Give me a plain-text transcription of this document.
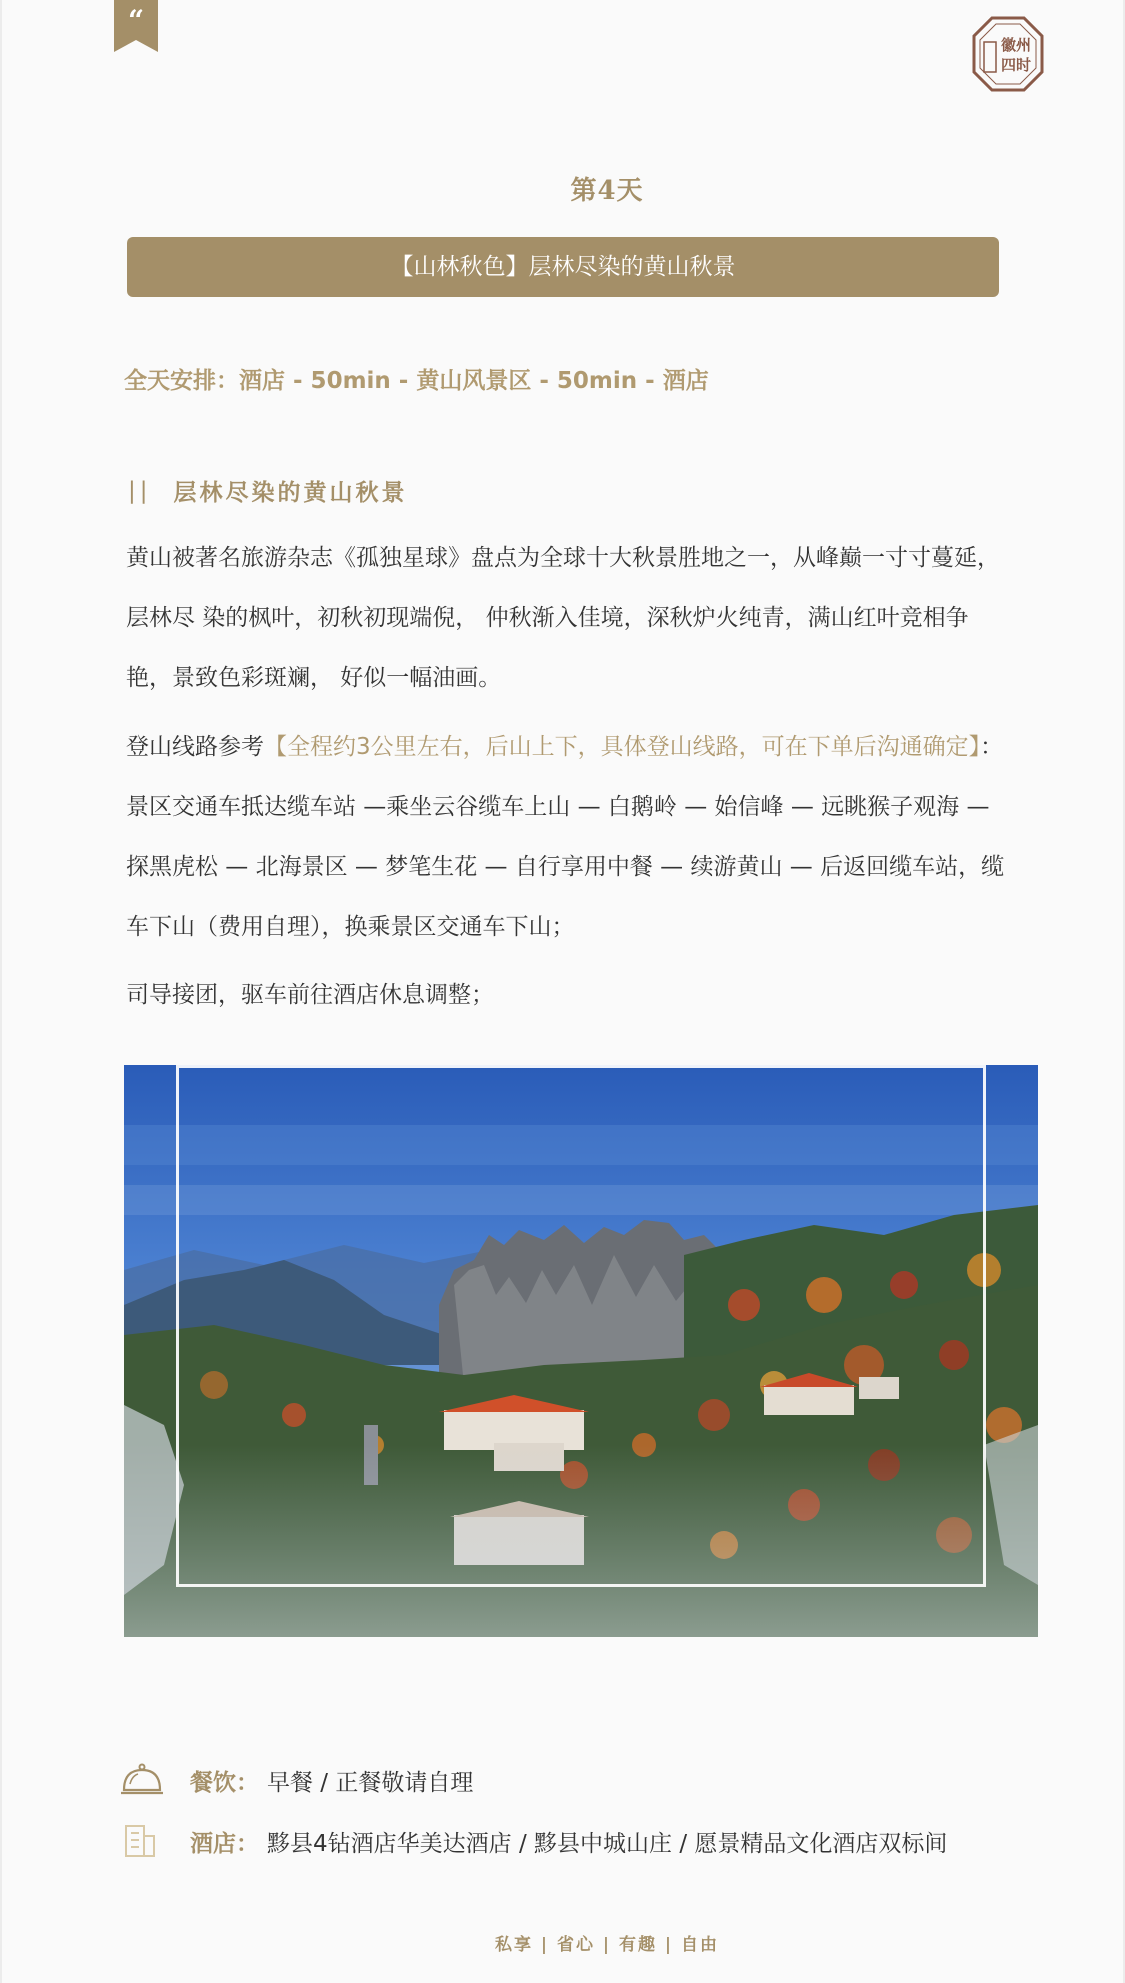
“
徽州
四时
第4天
【山林秋色】层林尽染的黄山秋景
全天安排：酒店 - 50min - 黄山风景区 - 50min - 酒店
|| 层林尽染的黄山秋景
黄山被著名旅游杂志《孤独星球》盘点为全球十大秋景胜地之一，从峰巅一寸寸蔓延，层林尽 染的枫叶，初秋初现端倪， 仲秋渐入佳境，深秋炉火纯青，满山红叶竞相争艳，景致色彩斑斓， 好似一幅油画。
登山线路参考【全程约3公里左右，后山上下，具体登山线路，可在下单后沟通确定】：景区交通车抵达缆车站 —乘坐云谷缆车上山 — 白鹅岭 — 始信峰 — 远眺猴子观海 — 探黑虎松 — 北海景区 — 梦笔生花 — 自行享用中餐 — 续游黄山 — 后返回缆车站，缆车下山（费用自理），换乘景区交通车下山；
司导接团，驱车前往酒店休息调整；
餐饮： 早餐 / 正餐敬请自理
酒店： 黟县4钻酒店华美达酒店 / 黟县中城山庄 / 愿景精品文化酒店双标间
私享 | 省心 | 有趣 | 自由
